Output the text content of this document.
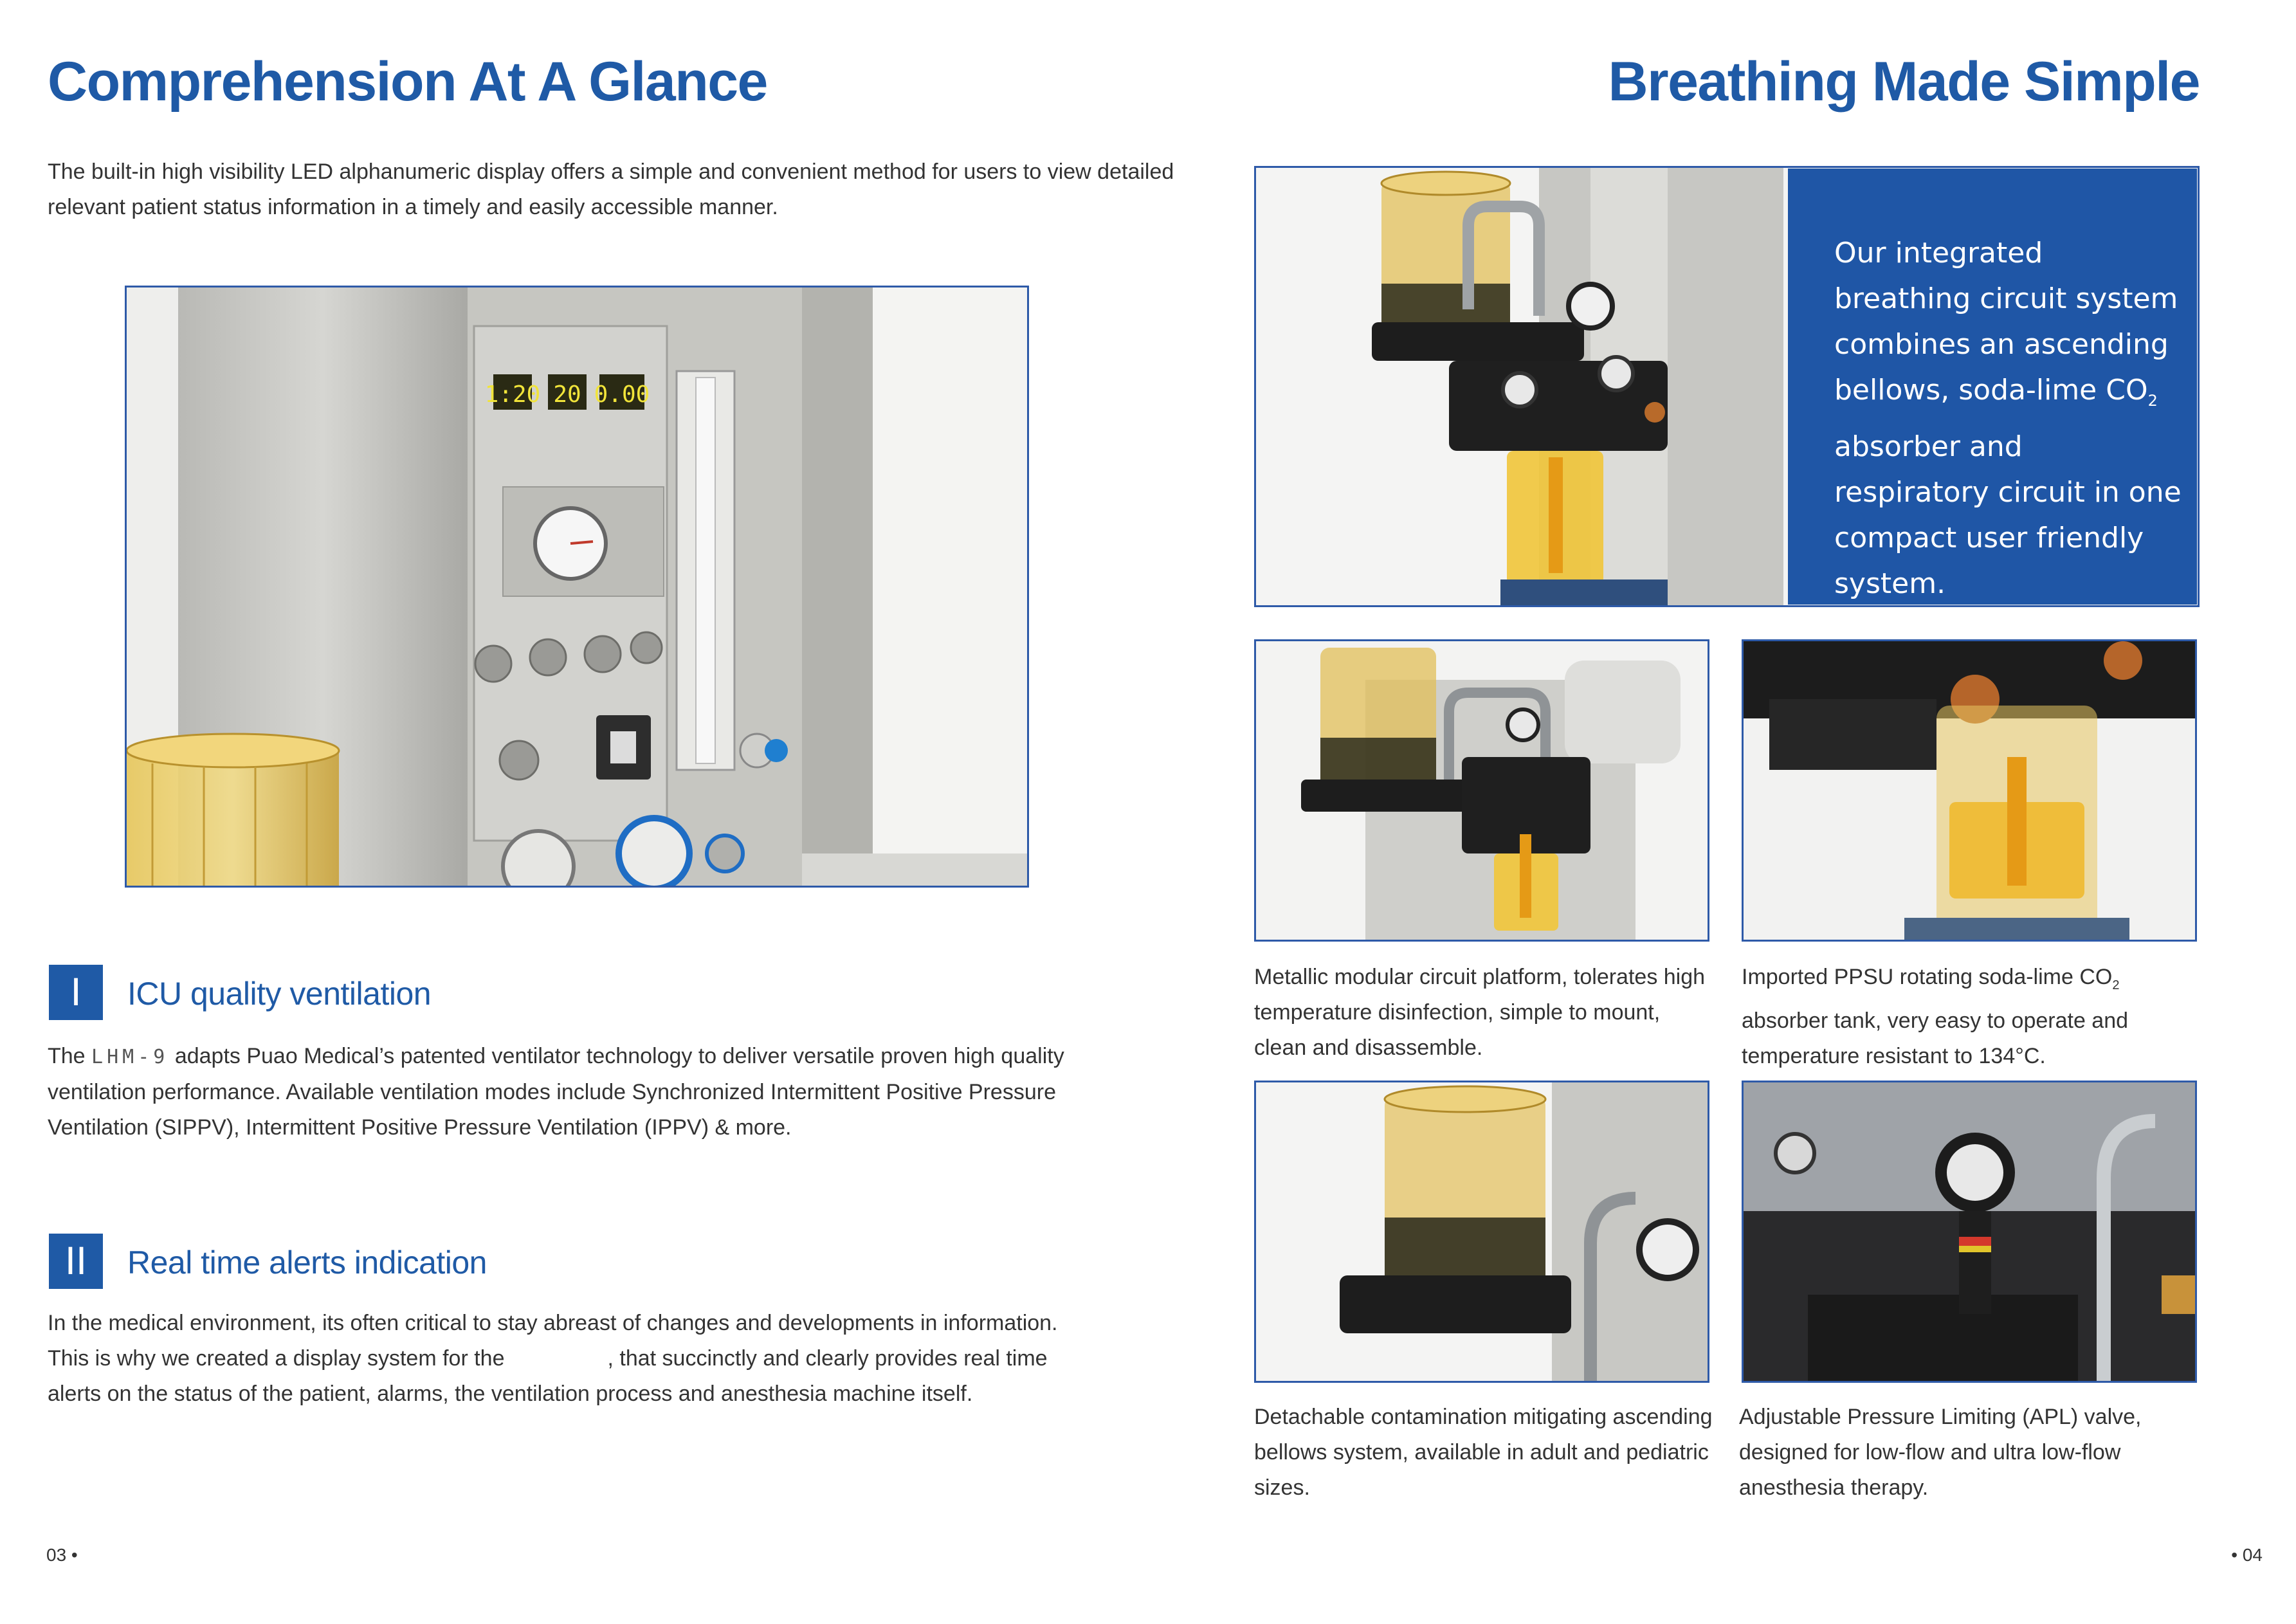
Comprehension At A Glance
The built-in high visibility LED alphanumeric display offers a simple and convenient method for users to view detailed relevant patient status information in a timely and easily accessible manner.
1:20 20 0.00
I	ICU quality ventilation
The LHM-9 adapts Puao Medical’s patented ventilator technology to deliver versatile proven high quality ventilation performance. Available ventilation modes include Synchronized Intermittent Positive Pressure Ventilation (SIPPV), Intermittent Positive Pressure Ventilation (IPPV) & more.
II	Real time alerts indication
In the medical environment, its often critical to stay abreast of changes and developments in information. This is why we created a display system for the	, that succinctly and clearly provides real time alerts on the status of the patient, alarms, the ventilation process and anesthesia machine itself.
03 •
Breathing Made Simple
Our integrated breathing circuit system combines an ascending bellows, soda-lime $CO_2$ absorber and respiratory circuit in one compact user friendly system.
Metallic modular circuit platform, tolerates high temperature disinfection, simple to mount, clean and disassemble.
Imported PPSU rotating soda-lime $CO_2$ absorber tank, very easy to operate and temperature resistant to 134°C.
Detachable contamination mitigating ascending bellows system, available in adult and pediatric sizes.
Adjustable Pressure Limiting (APL) valve, designed for low-flow and ultra low-flow anesthesia therapy.
• 04
